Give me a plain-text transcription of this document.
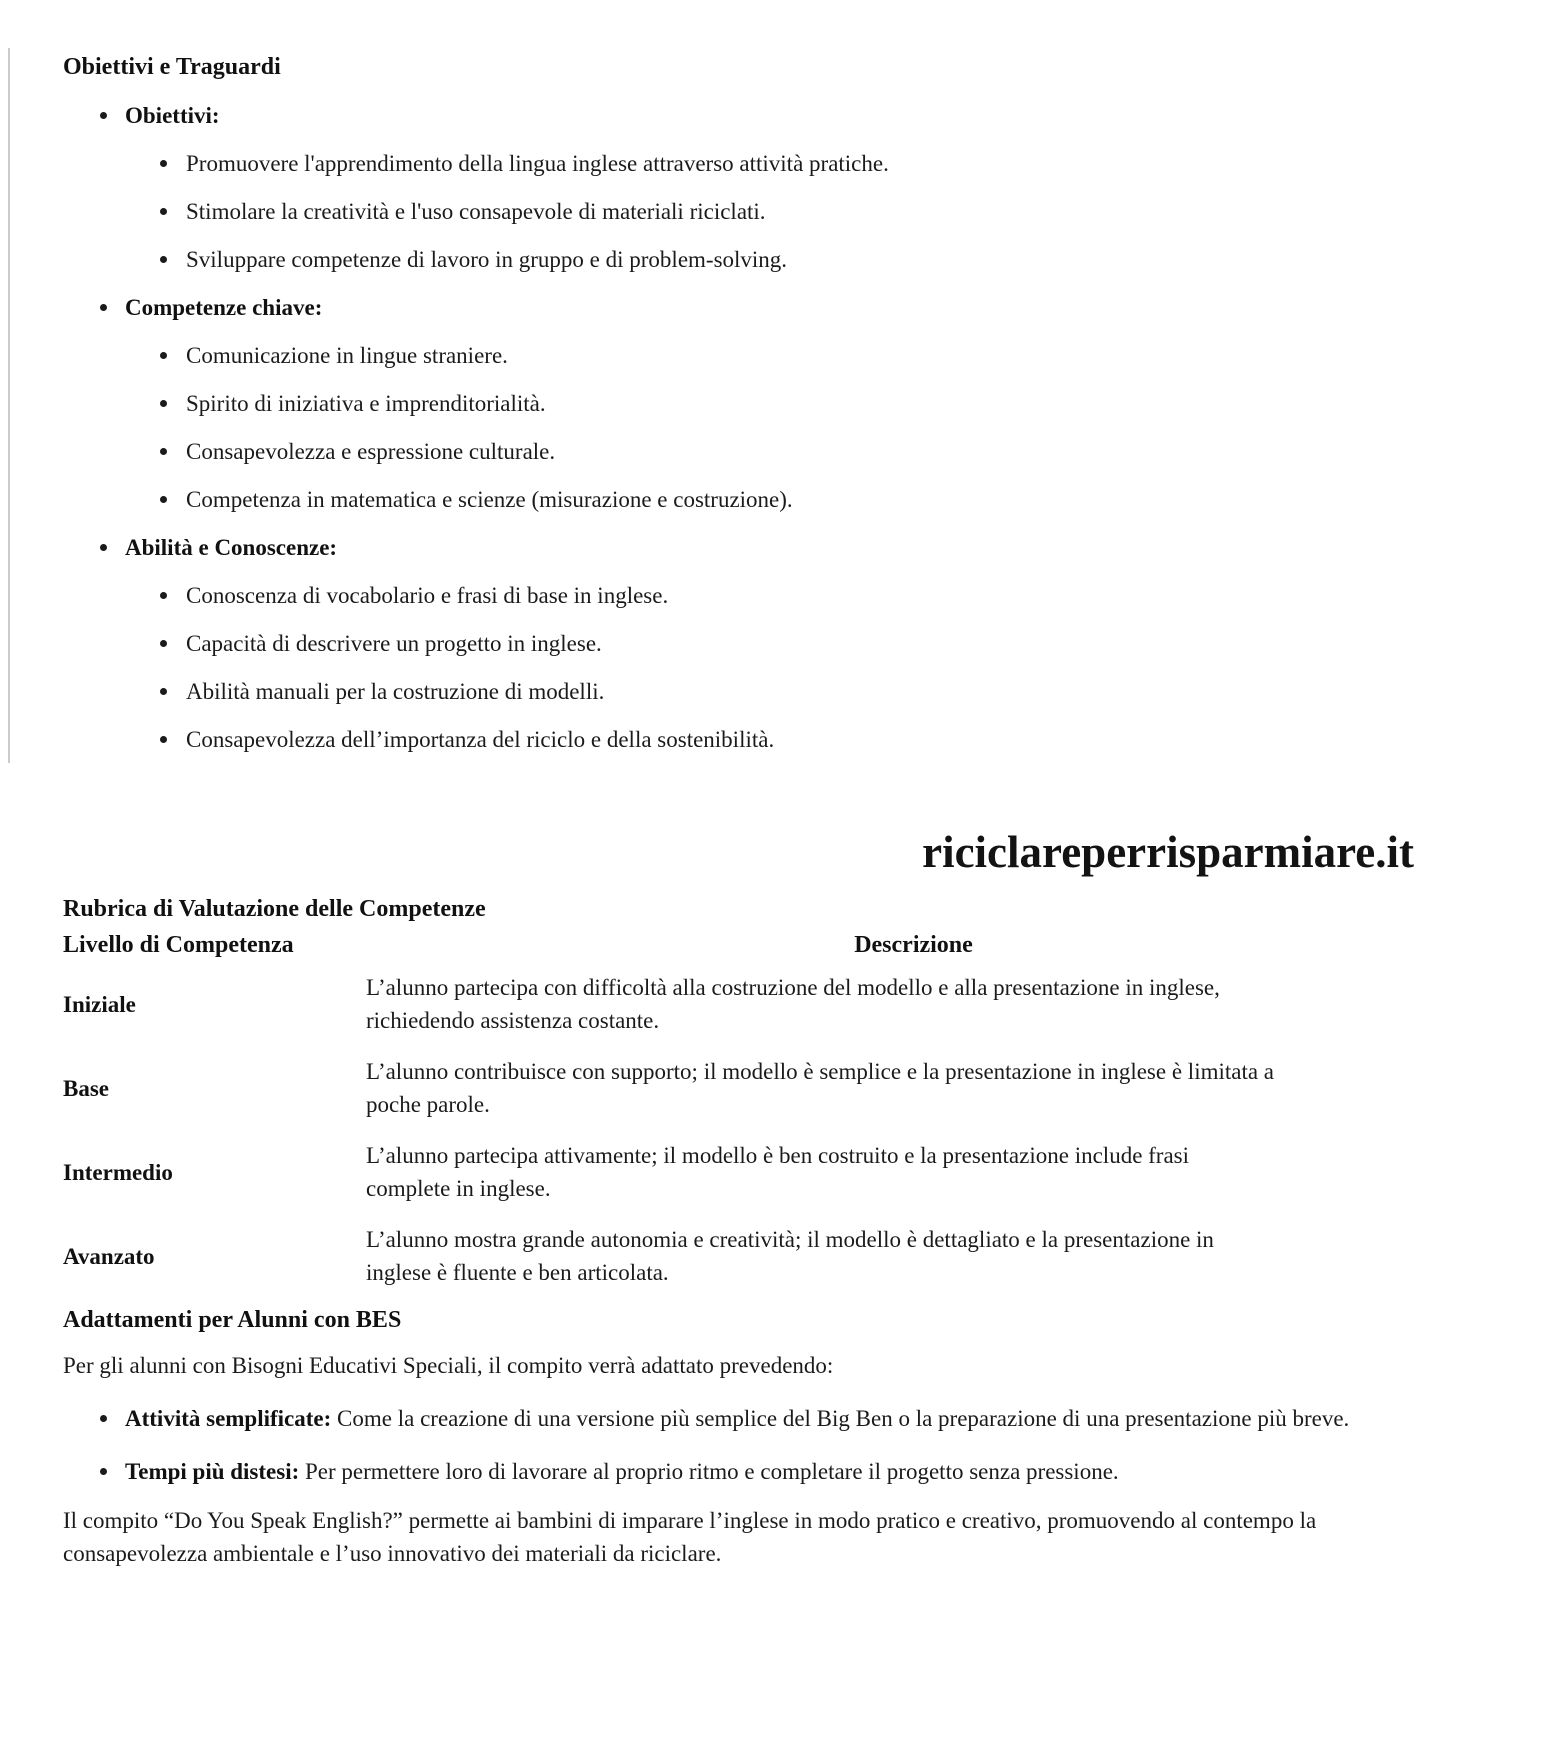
Obiettivi e Traguardi
Obiettivi:
Promuovere l'apprendimento della lingua inglese attraverso attività pratiche.
Stimolare la creatività e l'uso consapevole di materiali riciclati.
Sviluppare competenze di lavoro in gruppo e di problem-solving.
Competenze chiave:
Comunicazione in lingue straniere.
Spirito di iniziativa e imprenditorialità.
Consapevolezza e espressione culturale.
Competenza in matematica e scienze (misurazione e costruzione).
Abilità e Conoscenze:
Conoscenza di vocabolario e frasi di base in inglese.
Capacità di descrivere un progetto in inglese.
Abilità manuali per la costruzione di modelli.
Consapevolezza dell’importanza del riciclo e della sostenibilità.
riciclareperrisparmiare.it
Rubrica di Valutazione delle Competenze
Livello di Competenza	Descrizione
Iniziale	L’alunno partecipa con difficoltà alla costruzione del modello e alla presentazione in inglese,
richiedendo assistenza costante.

Base	L’alunno contribuisce con supporto; il modello è semplice e la presentazione in inglese è limitata a
poche parole.

Intermedio	L’alunno partecipa attivamente; il modello è ben costruito e la presentazione include frasi
complete in inglese.

Avanzato	L’alunno mostra grande autonomia e creatività; il modello è dettagliato e la presentazione in
inglese è fluente e ben articolata.
Adattamenti per Alunni con BES

Per gli alunni con Bisogni Educativi Speciali, il compito verrà adattato prevedendo:

Attività semplificate: Come la creazione di una versione più semplice del Big Ben o la preparazione di una presentazione più breve.
Tempi più distesi: Per permettere loro di lavorare al proprio ritmo e completare il progetto senza pressione.

Il compito “Do You Speak English?” permette ai bambini di imparare l’inglese in modo pratico e creativo, promuovendo al contempo la consapevolezza ambientale e l’uso innovativo dei materiali da riciclare.
